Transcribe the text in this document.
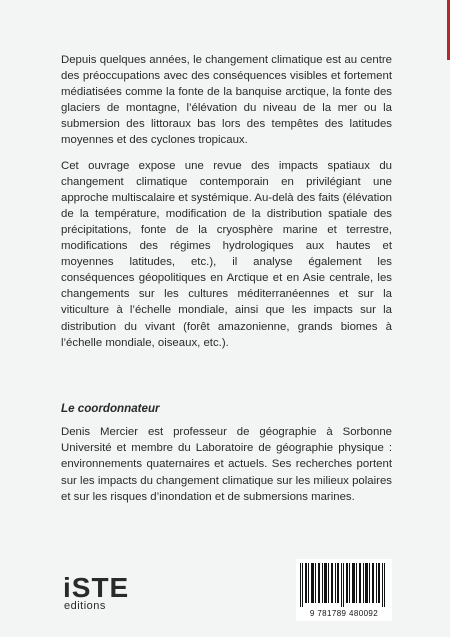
Depuis quelques années, le changement climatique est au centre des préoccupations avec des conséquences visibles et fortement médiatisées comme la fonte de la banquise arctique, la fonte des glaciers de montagne, l’élévation du niveau de la mer ou la submersion des littoraux bas lors des tempêtes des latitudes moyennes et des cyclones tropicaux.

Cet ouvrage expose une revue des impacts spatiaux du changement climatique contemporain en privilégiant une approche multiscalaire et systémique. Au-delà des faits (élévation de la température, modification de la distribution spatiale des précipitations, fonte de la cryosphère marine et terrestre, modifications des régimes hydrologiques aux hautes et moyennes latitudes, etc.), il analyse également les conséquences géopolitiques en Arctique et en Asie centrale, les changements sur les cultures méditerranéennes et sur la viticulture à l’échelle mondiale, ainsi que les impacts sur la distribution du vivant (forêt amazonienne, grands biomes à l’échelle mondiale, oiseaux, etc.).

Le coordonnateur
Denis Mercier est professeur de géographie à Sorbonne Université et membre du Laboratoire de géographie physique : environnements quaternaires et actuels. Ses recherches portent sur les impacts du changement climatique sur les milieux polaires et sur les risques d’inondation et de submersions marines.
iSTE
editions
9 781789 480092
